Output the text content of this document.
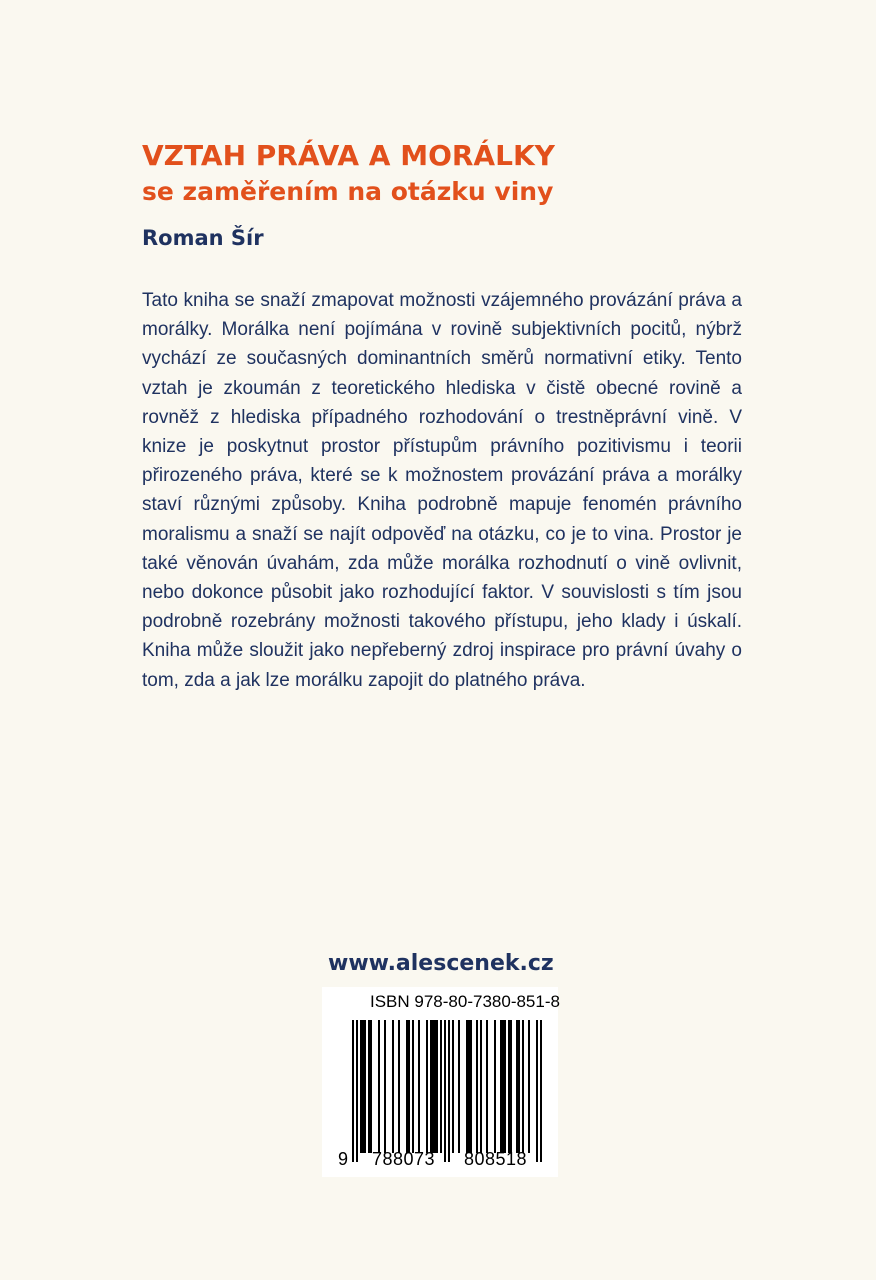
VZTAH PRÁVA A MORÁLKY
se zaměřením na otázku viny

Roman Šír

Tato kniha se snaží zmapovat možnosti vzájemného provázání práva a morálky. Morálka není pojímána v rovině subjektivních pocitů, nýbrž vychází ze současných dominantních směrů normativní etiky. Tento vztah je zkoumán z teoretického hlediska v čistě obecné rovině a rovněž z hlediska případného rozhodování o trestněprávní vině. V knize je poskytnut prostor přístupům právního pozitivismu i teorii přirozeného práva, které se k možnostem provázání práva a morálky staví různými způsoby. Kniha podrobně mapuje fenomén právního moralismu a snaží se najít odpověď na otázku, co je to vina. Prostor je také věnován úvahám, zda může morálka rozhodnutí o vině ovlivnit, nebo dokonce působit jako rozhodující faktor. V souvislosti s tím jsou podrobně rozebrány možnosti takového přístupu, jeho klady i úskalí. Kniha může sloužit jako nepřeberný zdroj inspirace pro právní úvahy o tom, zda a jak lze morálku zapojit do platného práva.

www.alescenek.cz

ISBN 978-80-7380-851-8

9 788073 808518
